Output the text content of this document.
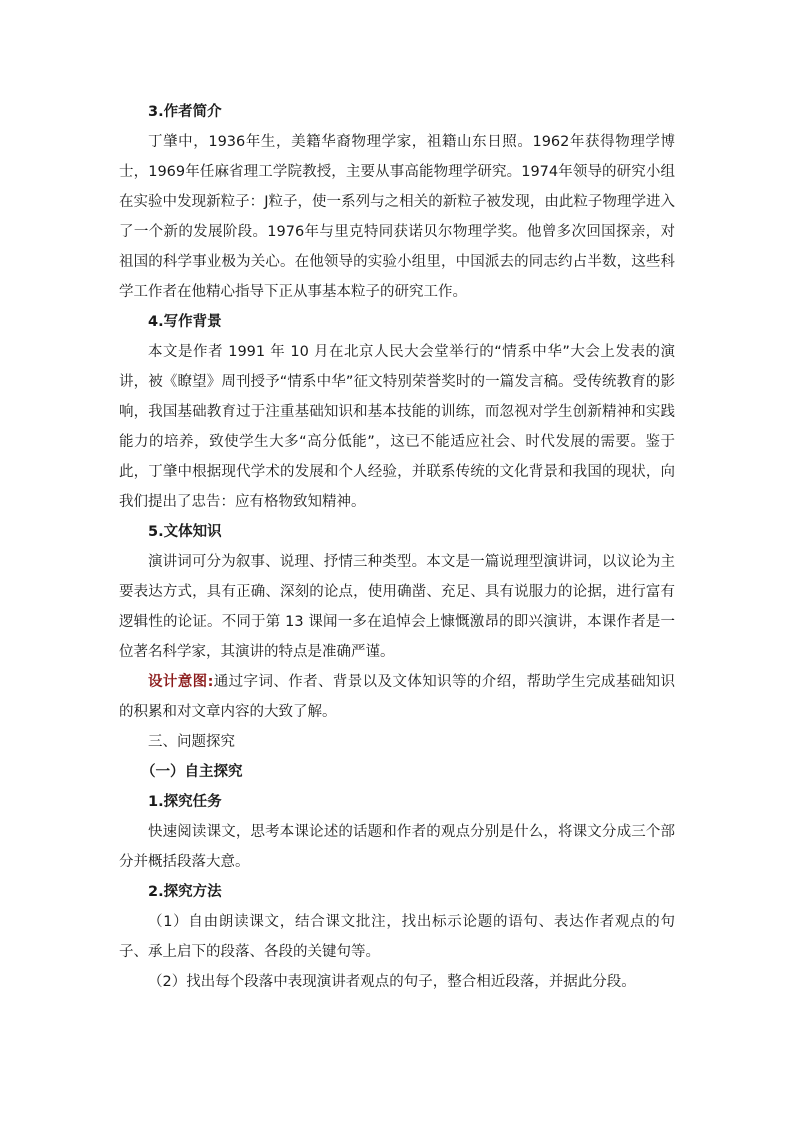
3.作者简介

丁肇中，1936年生，美籍华裔物理学家，祖籍山东日照。1962年获得物理学博士，1969年任麻省理工学院教授，主要从事高能物理学研究。1974年领导的研究小组在实验中发现新粒子：J粒子，使一系列与之相关的新粒子被发现，由此粒子物理学进入了一个新的发展阶段。1976年与里克特同获诺贝尔物理学奖。他曾多次回国探亲，对祖国的科学事业极为关心。在他领导的实验小组里，中国派去的同志约占半数，这些科学工作者在他精心指导下正从事基本粒子的研究工作。

4.写作背景

本文是作者 1991 年 10 月在北京人民大会堂举行的“情系中华”大会上发表的演讲，被《瞭望》周刊授予“情系中华”征文特别荣誉奖时的一篇发言稿。受传统教育的影响，我国基础教育过于注重基础知识和基本技能的训练，而忽视对学生创新精神和实践能力的培养，致使学生大多“高分低能”，这已不能适应社会、时代发展的需要。鉴于此，丁肇中根据现代学术的发展和个人经验，并联系传统的文化背景和我国的现状，向我们提出了忠告：应有格物致知精神。

5.文体知识

演讲词可分为叙事、说理、抒情三种类型。本文是一篇说理型演讲词，以议论为主要表达方式，具有正确、深刻的论点，使用确凿、充足、具有说服力的论据，进行富有逻辑性的论证。不同于第 13 课闻一多在追悼会上慷慨激昂的即兴演讲，本课作者是一位著名科学家，其演讲的特点是准确严谨。

设计意图:通过字词、作者、背景以及文体知识等的介绍，帮助学生完成基础知识的积累和对文章内容的大致了解。

三、问题探究

（一）自主探究

1.探究任务

快速阅读课文，思考本课论述的话题和作者的观点分别是什么，将课文分成三个部分并概括段落大意。

2.探究方法

（1）自由朗读课文，结合课文批注，找出标示论题的语句、表达作者观点的句子、承上启下的段落、各段的关键句等。

（2）找出每个段落中表现演讲者观点的句子，整合相近段落，并据此分段。
